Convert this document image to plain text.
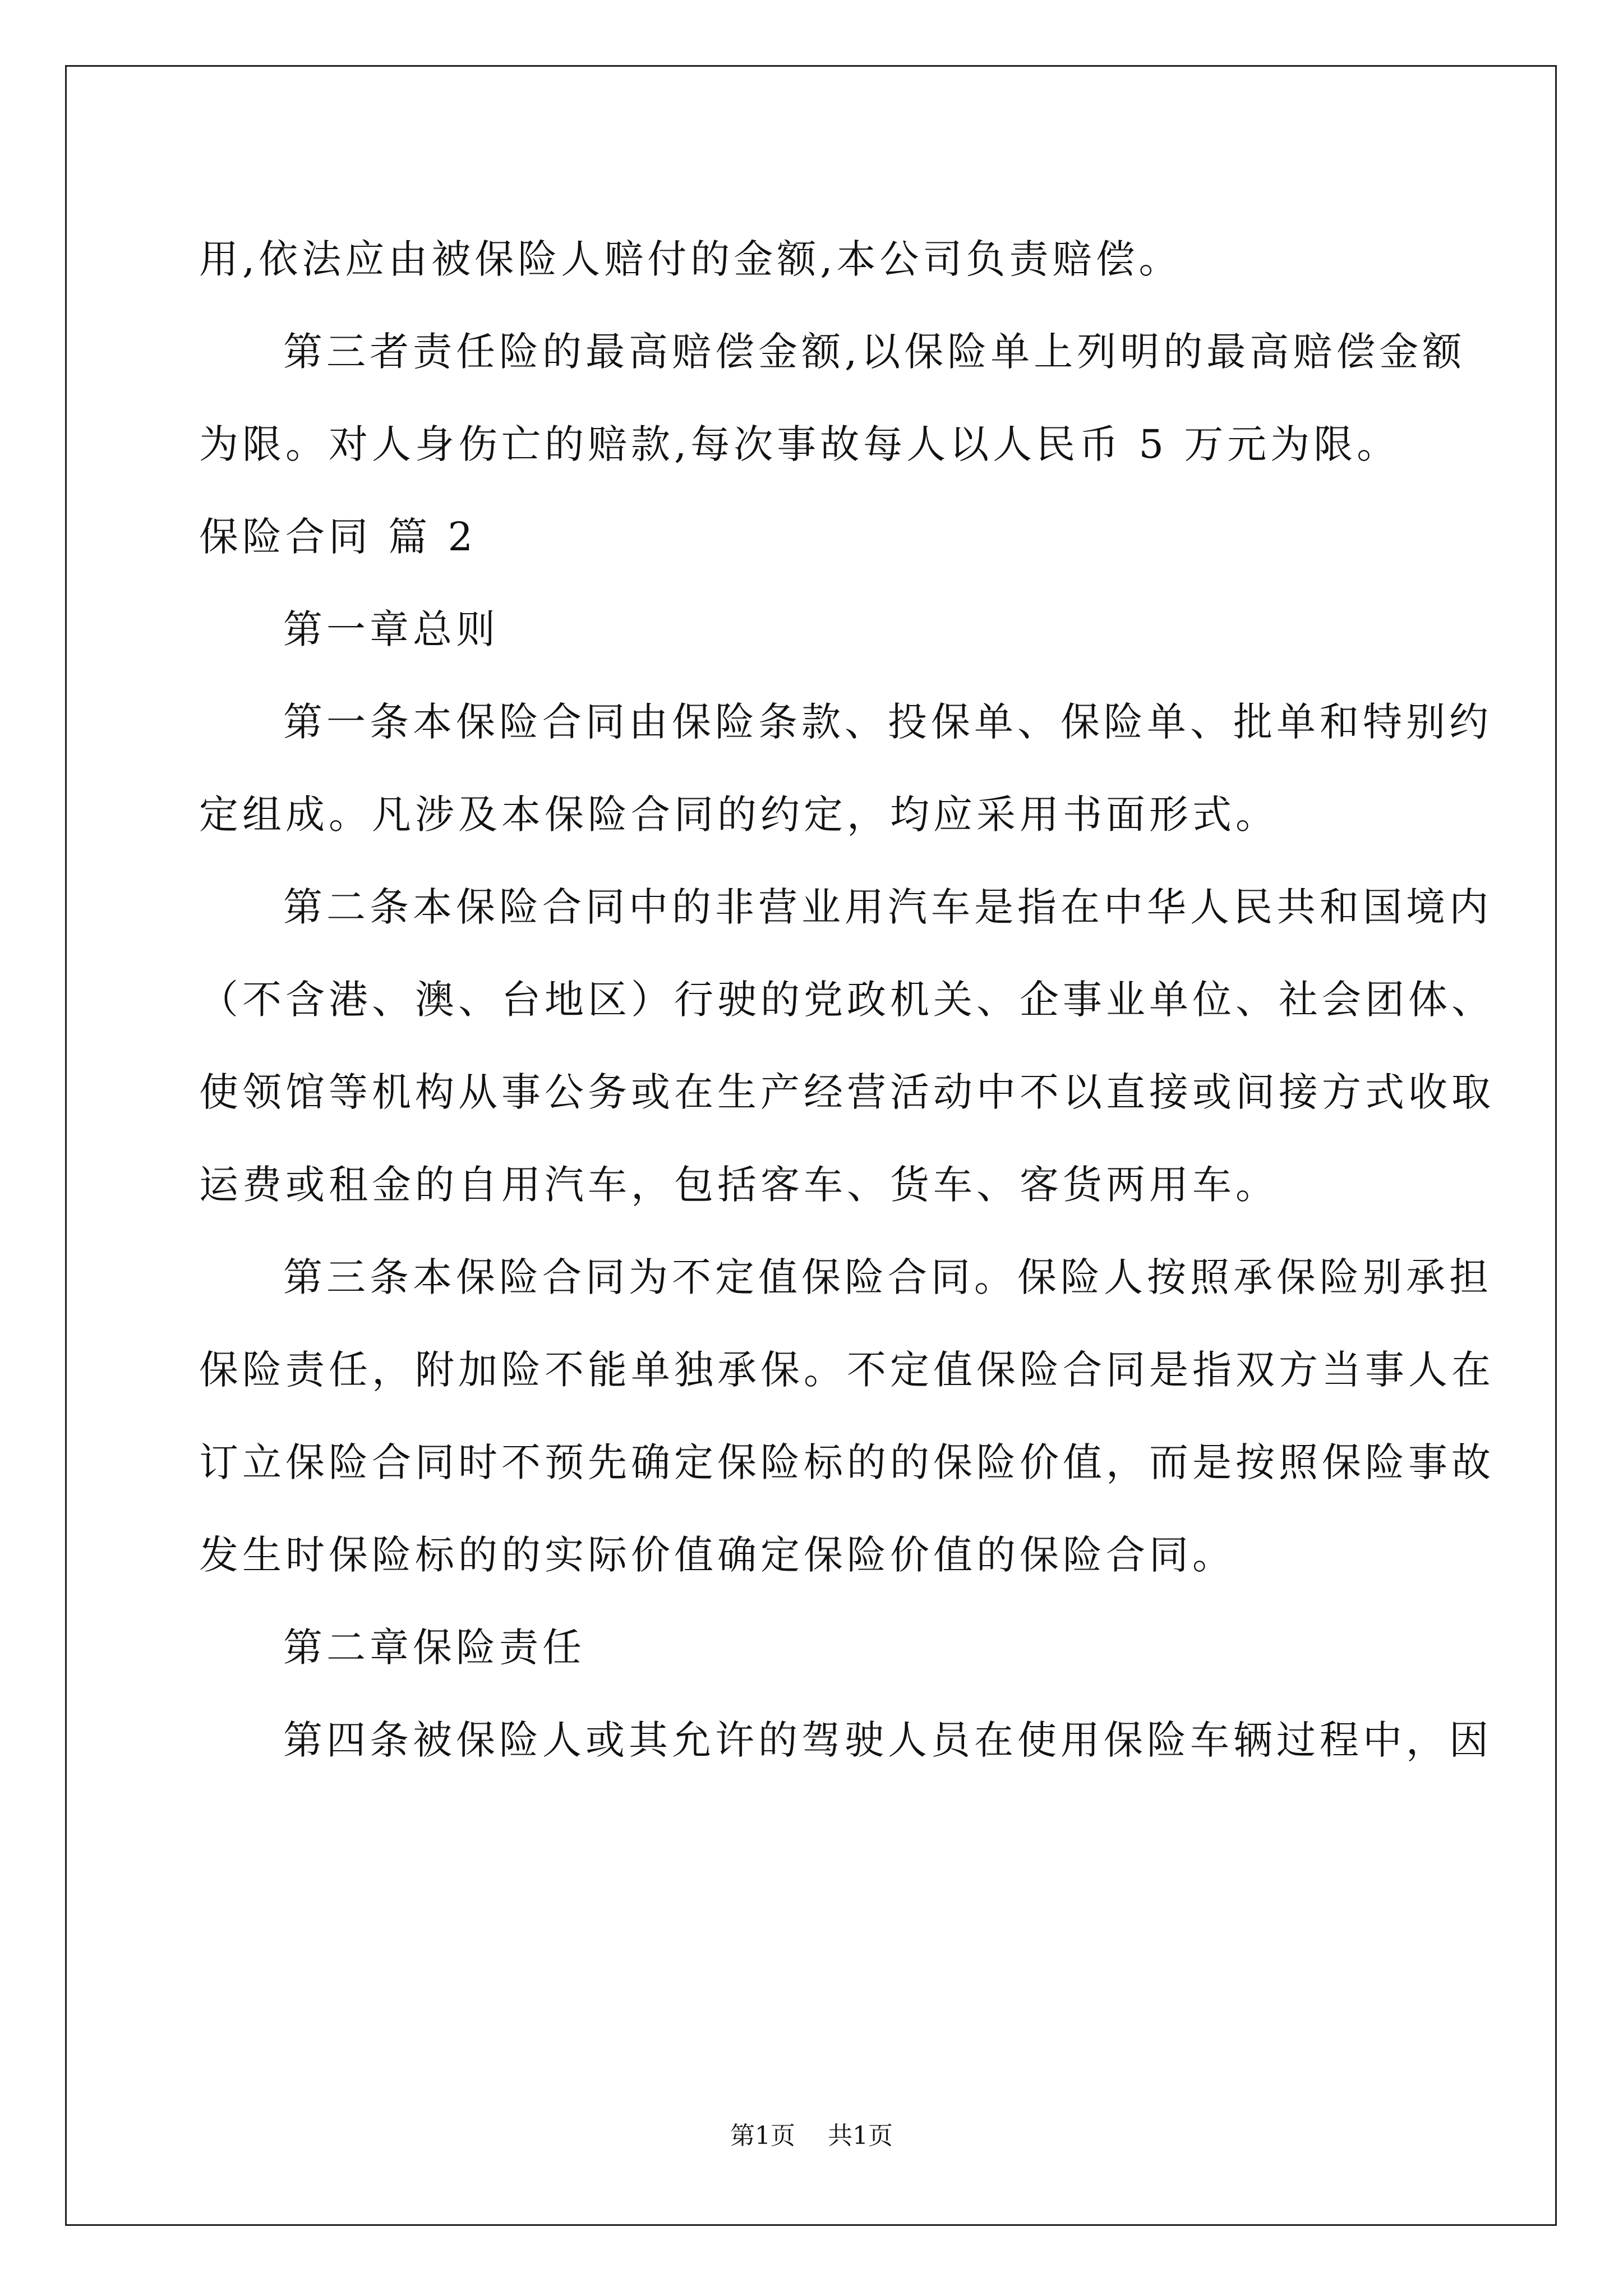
用,依法应由被保险人赔付的金额,本公司负责赔偿。
第三者责任险的最高赔偿金额,以保险单上列明的最高赔偿金额
为限。对人身伤亡的赔款,每次事故每人以人民币 5 万元为限。
保险合同 篇 2
第一章总则
第一条本保险合同由保险条款、投保单、保险单、批单和特别约
定组成。凡涉及本保险合同的约定，均应采用书面形式。
第二条本保险合同中的非营业用汽车是指在中华人民共和国境内
（不含港、澳、台地区）行驶的党政机关、企事业单位、社会团体、
使领馆等机构从事公务或在生产经营活动中不以直接或间接方式收取
运费或租金的自用汽车，包括客车、货车、客货两用车。
第三条本保险合同为不定值保险合同。保险人按照承保险别承担
保险责任，附加险不能单独承保。不定值保险合同是指双方当事人在
订立保险合同时不预先确定保险标的的保险价值，而是按照保险事故
发生时保险标的的实际价值确定保险价值的保险合同。
第二章保险责任
第四条被保险人或其允许的驾驶人员在使用保险车辆过程中，因
第1页 共1页
